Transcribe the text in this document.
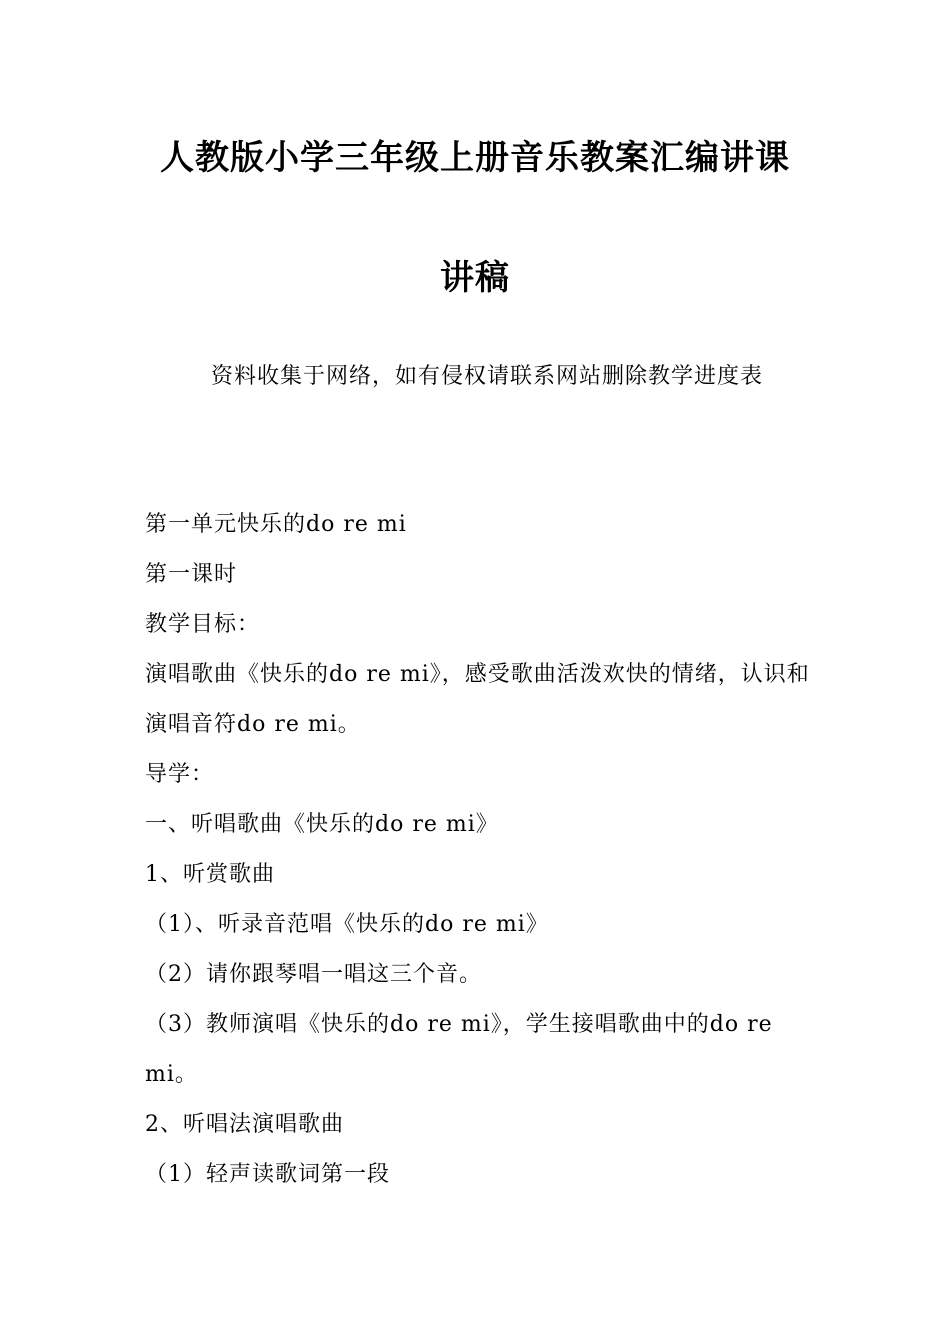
人教版小学三年级上册音乐教案汇编讲课
讲稿
资料收集于网络，如有侵权请联系网站删除教学进度表

第一单元快乐的do re mi

第一课时

教学目标：

演唱歌曲《快乐的do re mi》，感受歌曲活泼欢快的情绪，认识和演唱音符do re mi。

导学：

一、听唱歌曲《快乐的do re mi》

1、听赏歌曲

（1）、听录音范唱《快乐的do re mi》

（2）请你跟琴唱一唱这三个音。

（3）教师演唱《快乐的do re mi》，学生接唱歌曲中的do re mi。

2、听唱法演唱歌曲

（1）轻声读歌词第一段
